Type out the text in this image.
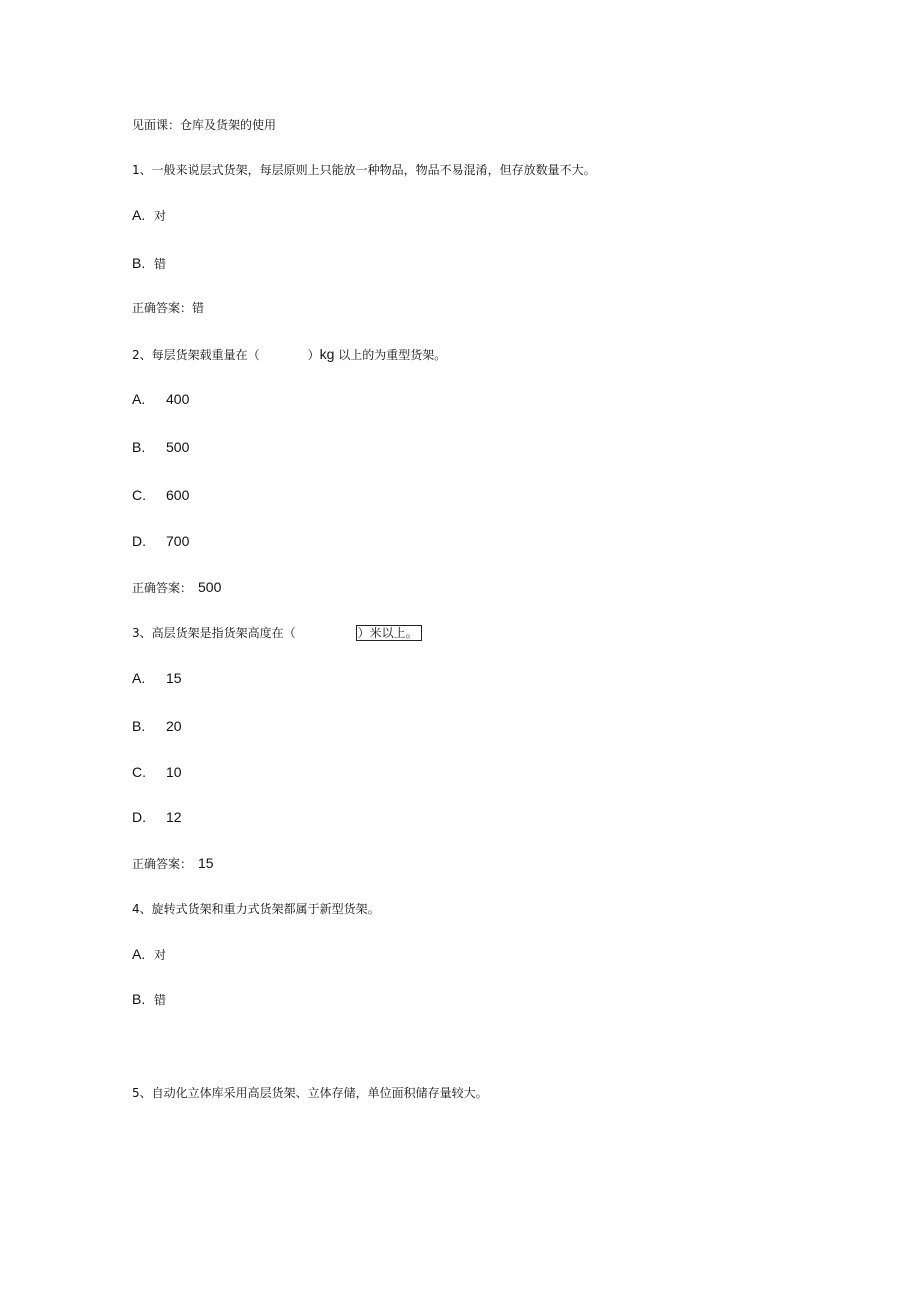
见面课：仓库及货架的使用
1、一般来说层式货架，每层原则上只能放一种物品，物品不易混淆，但存放数量不大。
A. 对
B. 错
正确答案：错
2、每层货架载重量在（	）kg 以上的为重型货架。
A. 400
B. 500
C. 600
D. 700
正确答案： 500
3、高层货架是指货架高度在（	）米以上。
A. 15
B. 20
C. 10
D. 12
正确答案： 15
4、旋转式货架和重力式货架都属于新型货架。
A. 对
B. 错
5、自动化立体库采用高层货架、立体存储，单位面积储存量较大。
